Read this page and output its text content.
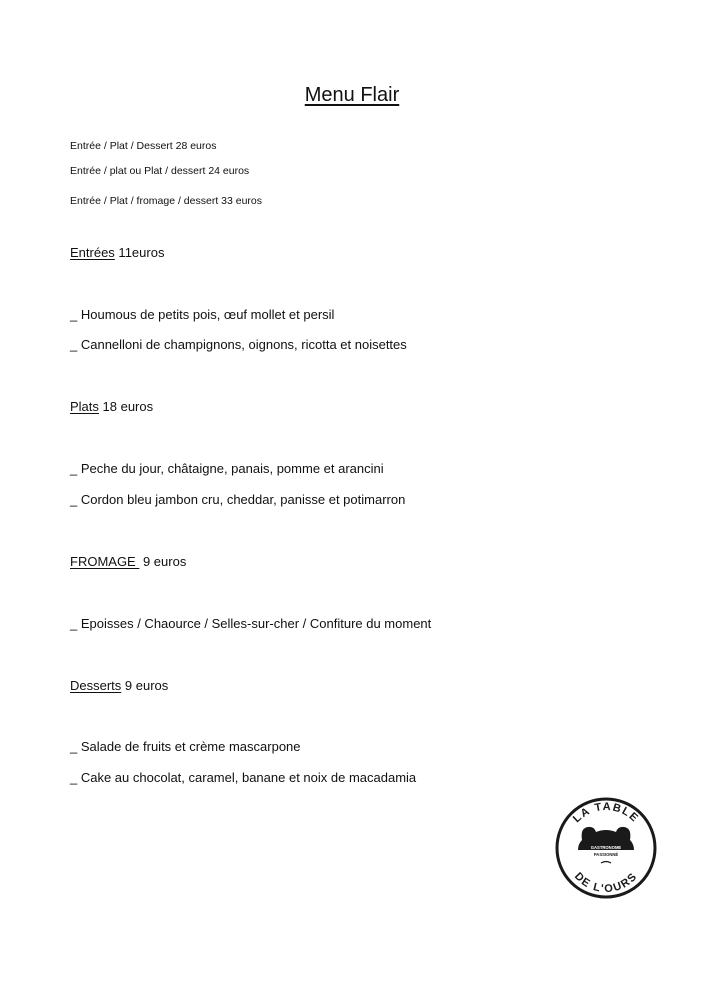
Menu Flair
Entrée / Plat / Dessert 28 euros
Entrée / plat ou Plat / dessert 24 euros
Entrée / Plat / fromage / dessert 33 euros
Entrées 11euros
_ Houmous de petits pois, œuf mollet et persil
_ Cannelloni de champignons, oignons, ricotta et noisettes
Plats 18 euros
_ Peche du jour, châtaigne, panais, pomme et arancini
_ Cordon bleu jambon cru, cheddar, panisse et potimarron
FROMAGE  9 euros
_ Epoisses / Chaource / Selles-sur-cher / Confiture du moment
Desserts 9 euros
_ Salade de fruits et crème mascarpone
_ Cake au chocolat, caramel, banane et noix de macadamia
LA TABLE
DE L'OURS
GASTRONOME
PASSIONNÉ
